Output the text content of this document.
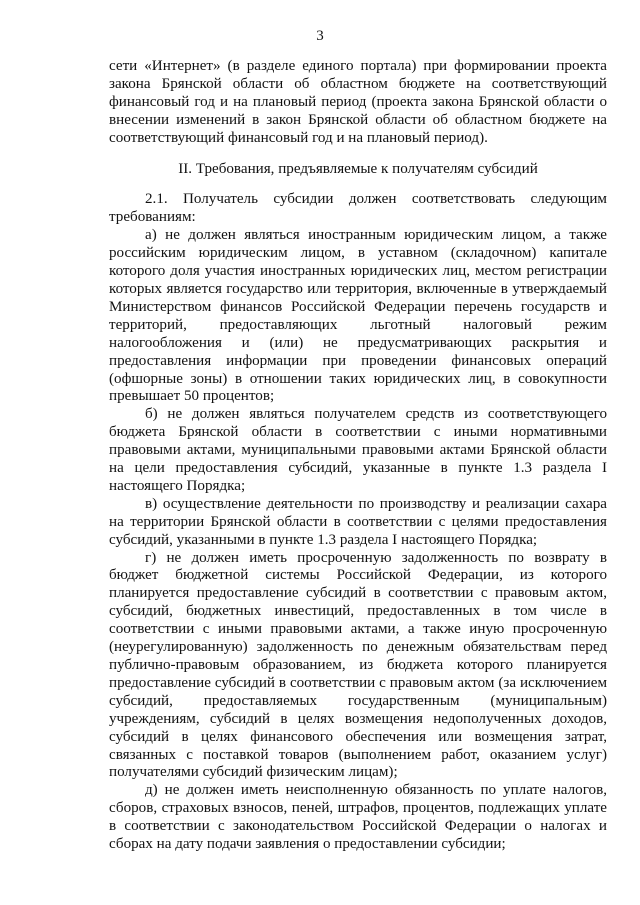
3

сети «Интернет» (в разделе единого портала) при формировании проекта закона Брянской области об областном бюджете на соответствующий финансовый год и на плановый период (проекта закона Брянской области о внесении изменений в закон Брянской области об областном бюджете на соответствующий финансовый год и на плановый период).

II. Требования, предъявляемые к получателям субсидий

2.1. Получатель субсидии должен соответствовать следующим требованиям:

а) не должен являться иностранным юридическим лицом, а также российским юридическим лицом, в уставном (складочном) капитале которого доля участия иностранных юридических лиц, местом регистрации которых является государство или территория, включенные в утверждаемый Министерством финансов Российской Федерации перечень государств и территорий, предоставляющих льготный налоговый режим налогообложения и (или) не предусматривающих раскрытия и предоставления информации при проведении финансовых операций (офшорные зоны) в отношении таких юридических лиц, в совокупности превышает 50 процентов;

б) не должен являться получателем средств из соответствующего бюджета Брянской области в соответствии с иными нормативными правовыми актами, муниципальными правовыми актами Брянской области на цели предоставления субсидий, указанные в пункте 1.3 раздела I настоящего Порядка;

в) осуществление деятельности по производству и реализации сахара на территории Брянской области в соответствии с целями предоставления субсидий, указанными в пункте 1.3 раздела I настоящего Порядка;

г) не должен иметь просроченную задолженность по возврату в бюджет бюджетной системы Российской Федерации, из которого планируется предоставление субсидий в соответствии с правовым актом, субсидий, бюджетных инвестиций, предоставленных в том числе в соответствии с иными правовыми актами, а также иную просроченную (неурегулированную) задолженность по денежным обязательствам перед публично-правовым образованием, из бюджета которого планируется предоставление субсидий в соответствии с правовым актом (за исключением субсидий, предоставляемых государственным (муниципальным) учреждениям, субсидий в целях возмещения недополученных доходов, субсидий в целях финансового обеспечения или возмещения затрат, связанных с поставкой товаров (выполнением работ, оказанием услуг) получателями субсидий физическим лицам);

д) не должен иметь неисполненную обязанность по уплате налогов, сборов, страховых взносов, пеней, штрафов, процентов, подлежащих уплате в соответствии с законодательством Российской Федерации о налогах и сборах на дату подачи заявления о предоставлении субсидии;
